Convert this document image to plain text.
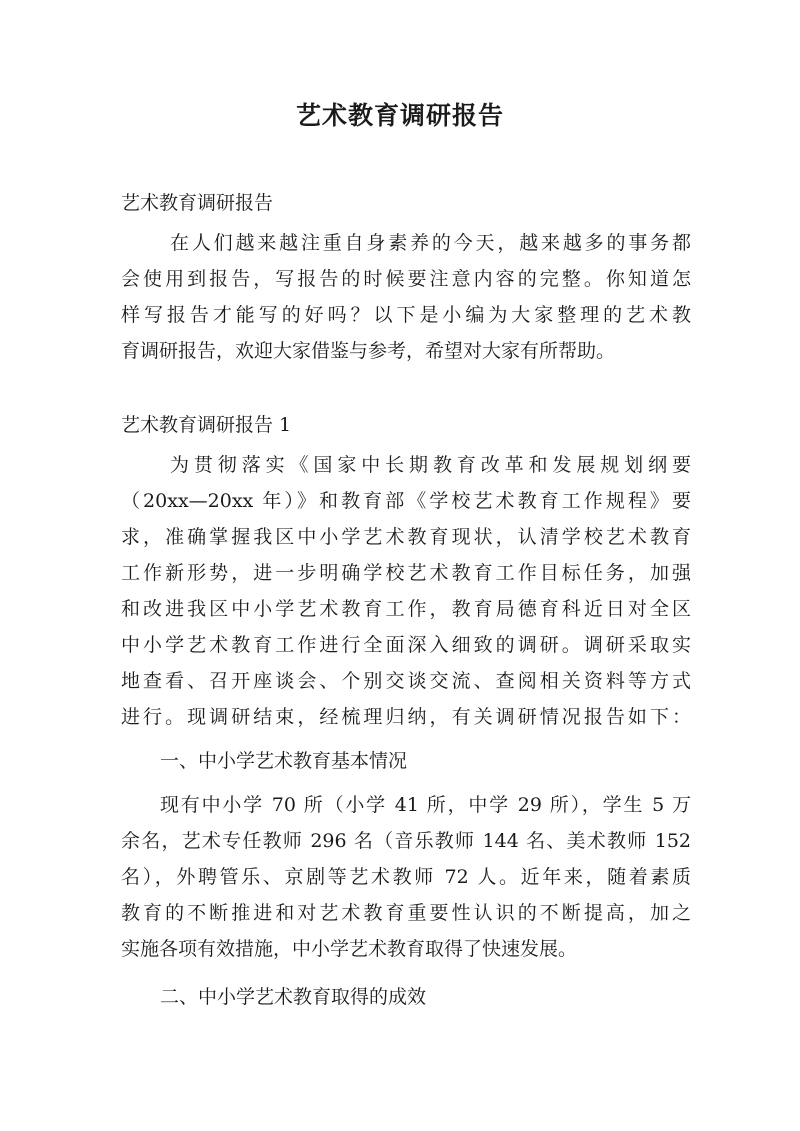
艺术教育调研报告

艺术教育调研报告

在人们越来越注重自身素养的今天，越来越多的事务都

会使用到报告，写报告的时候要注意内容的完整。你知道怎

样写报告才能写的好吗？以下是小编为大家整理的艺术教

育调研报告，欢迎大家借鉴与参考，希望对大家有所帮助。

艺术教育调研报告 1

为贯彻落实《国家中长期教育改革和发展规划纲要

（20xx—20xx 年）》和教育部《学校艺术教育工作规程》要

求，准确掌握我区中小学艺术教育现状，认清学校艺术教育

工作新形势，进一步明确学校艺术教育工作目标任务，加强

和改进我区中小学艺术教育工作，教育局德育科近日对全区

中小学艺术教育工作进行全面深入细致的调研。调研采取实

地查看、召开座谈会、个别交谈交流、查阅相关资料等方式

进行。现调研结束，经梳理归纳，有关调研情况报告如下：

一、中小学艺术教育基本情况

现有中小学 70 所（小学 41 所，中学 29 所），学生 5 万

余名，艺术专任教师 296 名（音乐教师 144 名、美术教师 152

名），外聘管乐、京剧等艺术教师 72 人。近年来，随着素质

教育的不断推进和对艺术教育重要性认识的不断提高，加之

实施各项有效措施，中小学艺术教育取得了快速发展。

二、中小学艺术教育取得的成效
